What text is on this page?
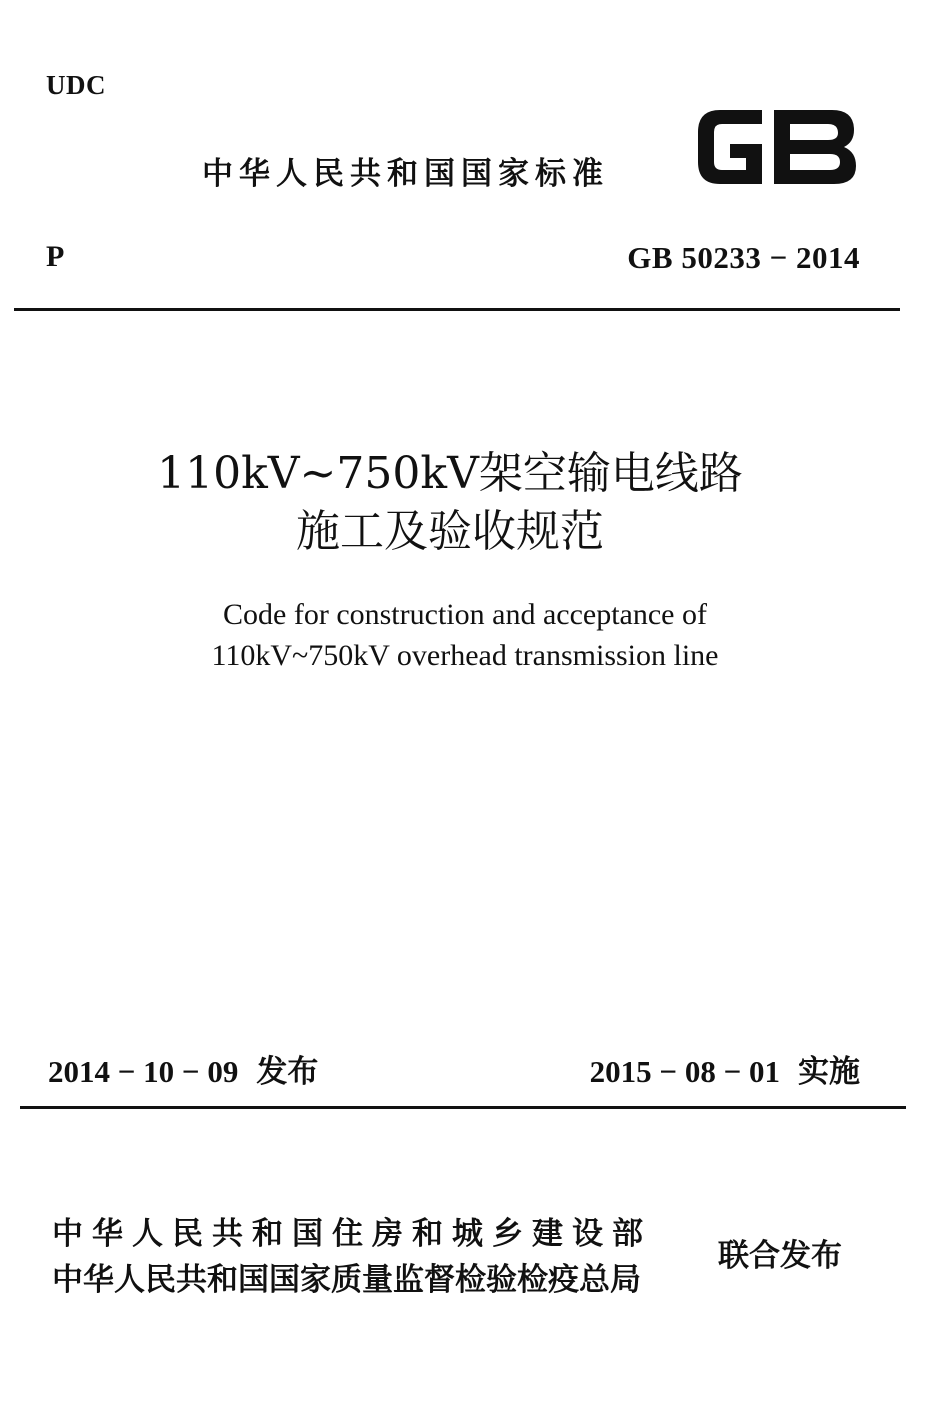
UDC
中华人民共和国国家标准
P	GB 50233 − 2014
110kV~750kV架空输电线路
施工及验收规范
Code for construction and acceptance of
110kV~750kV overhead transmission line
2014 − 10 − 09 发布	2015 − 08 − 01 实施
中华人民共和国住房和城乡建设部
中华人民共和国国家质量监督检验检疫总局
联合发布
